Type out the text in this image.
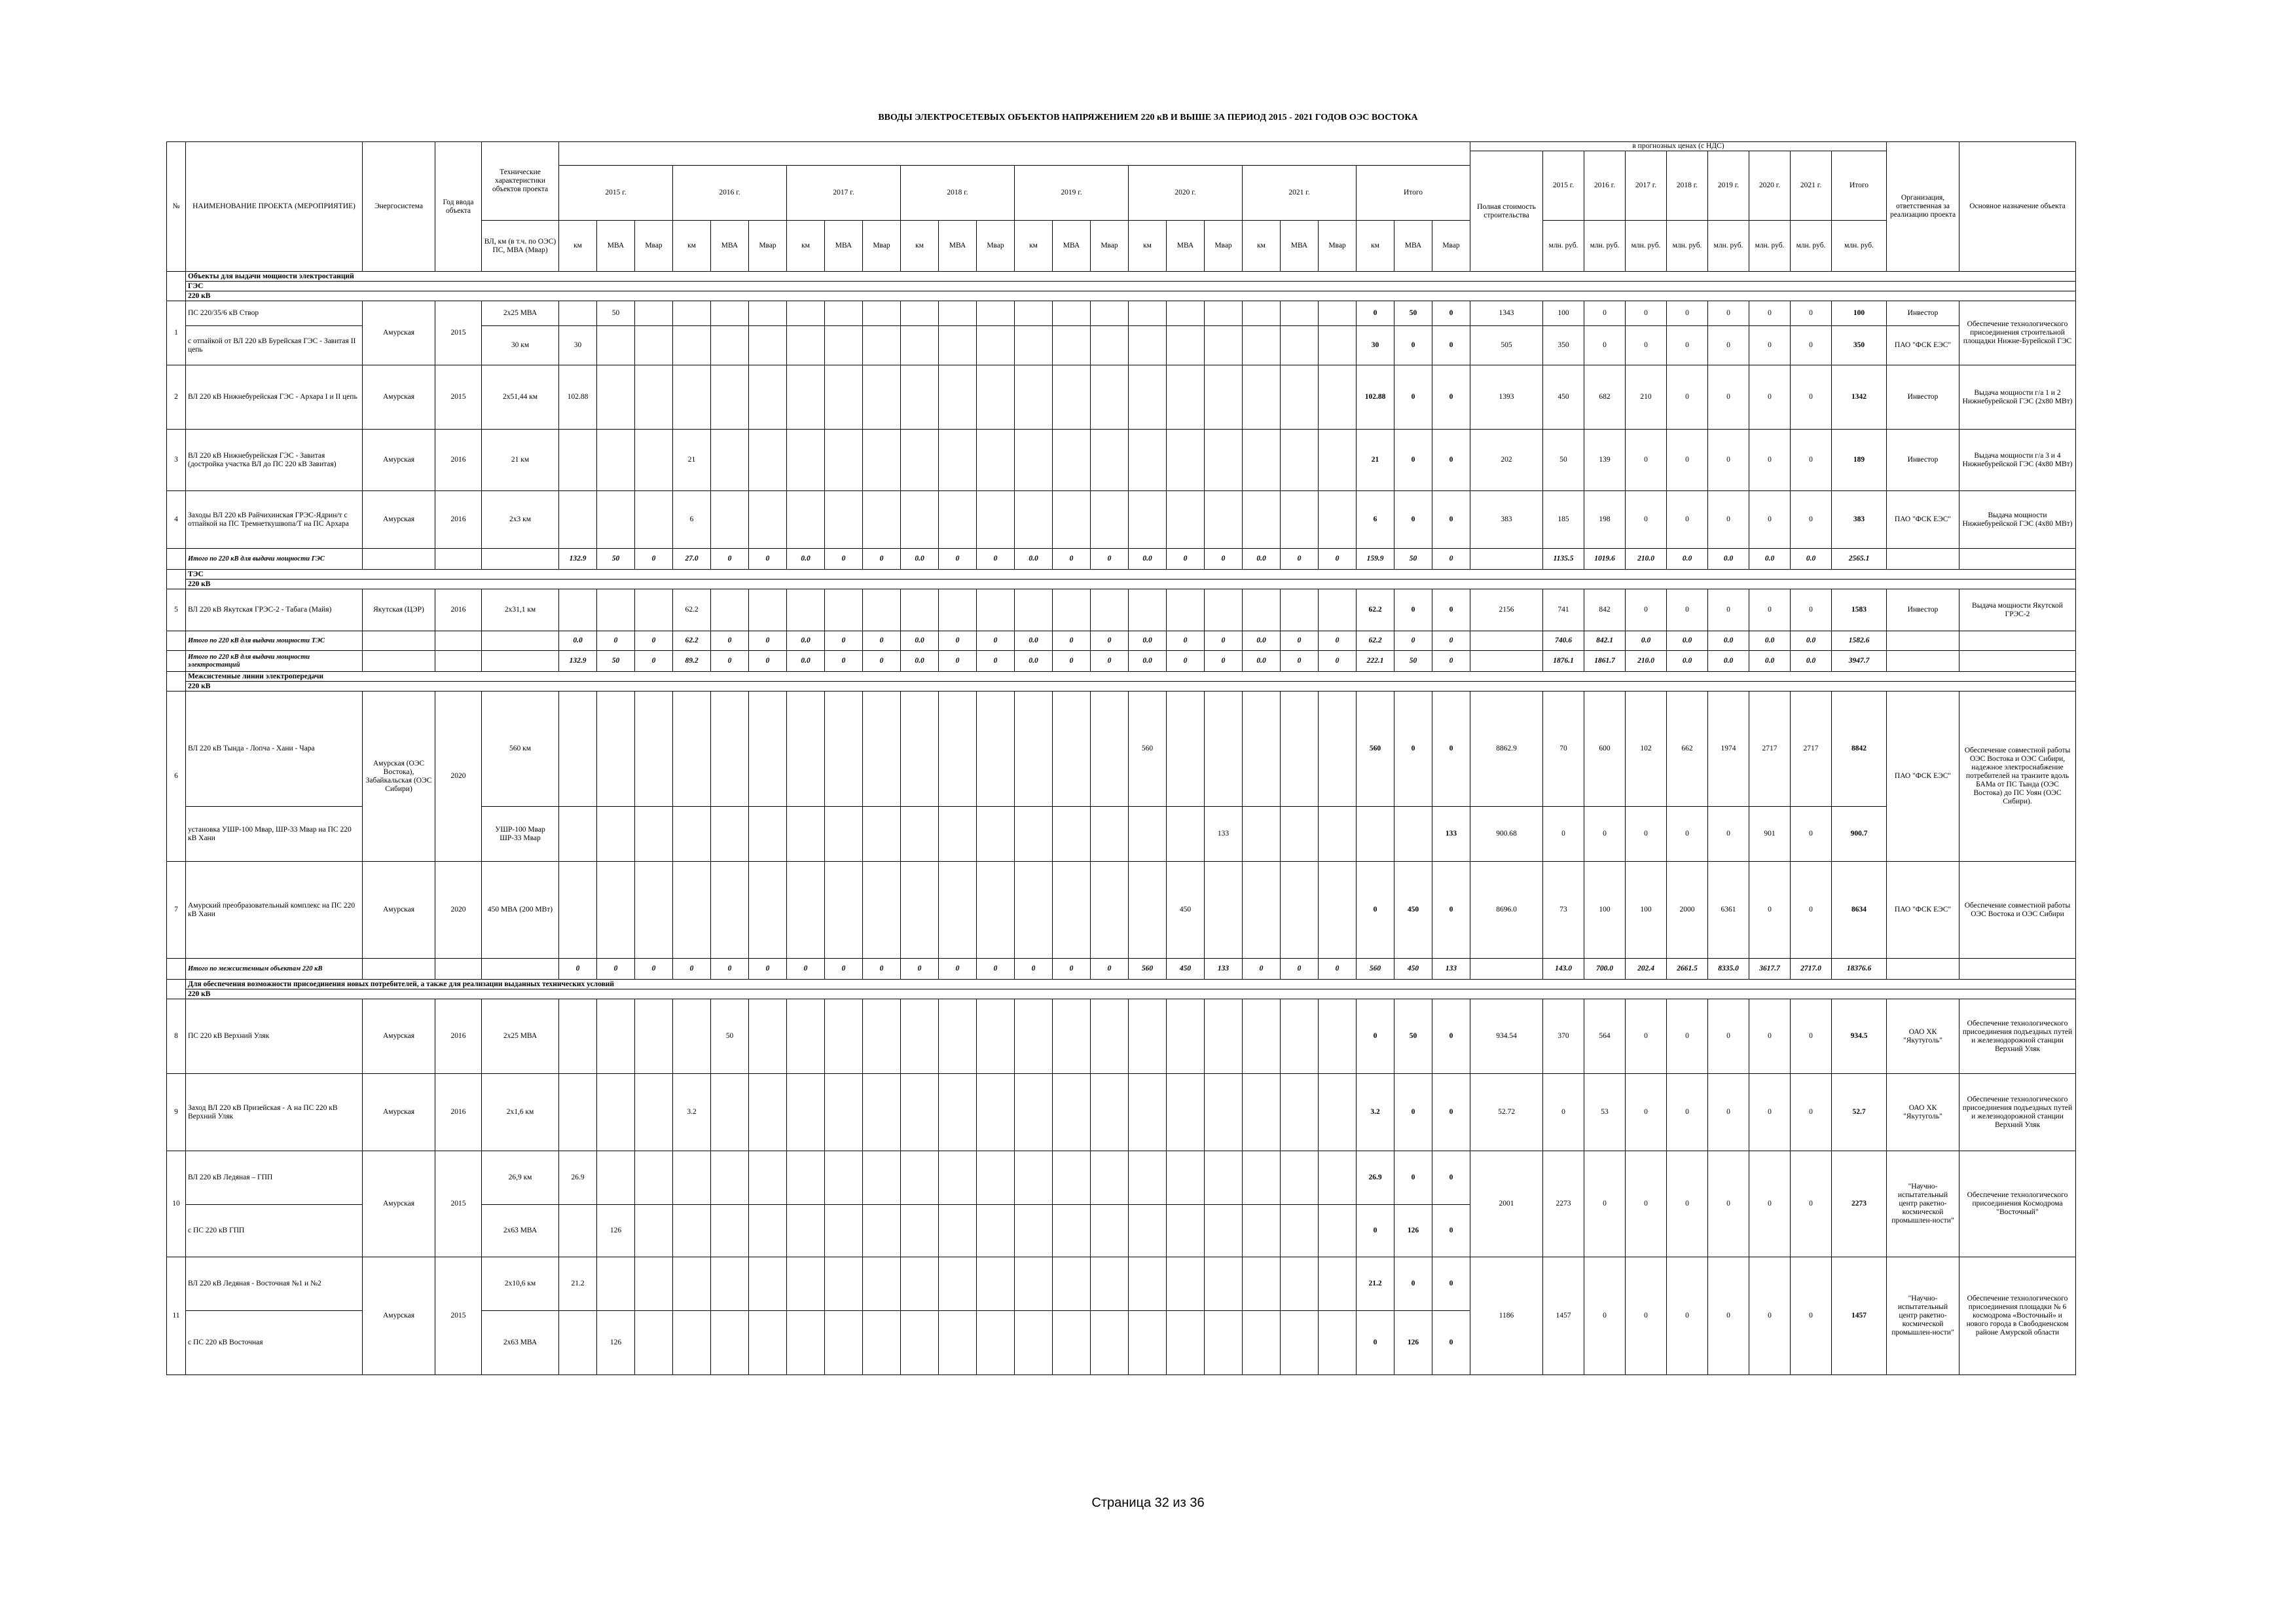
ВВОДЫ ЭЛЕКТРОСЕТЕВЫХ ОБЪЕКТОВ НАПРЯЖЕНИЕМ 220 кВ И ВЫШЕ ЗА ПЕРИОД 2015 - 2021 ГОДОВ ОЭС ВОСТОКА
№	НАИМЕНОВАНИЕ ПРОЕКТА (МЕРОПРИЯТИЕ)	Энергосистема	Год ввода объекта	Технические характеристики объектов проекта																									в прогнозных ценах (с НДС)									Организация, ответственная за реализацию проекта	Основное назначение объекта
																													Полная стоимость строительства	2015 г.	2016 г.	2017 г.	2018 г.	2019 г.	2020 г.	2021 г.	Итого		
					2015 г.			2016 г.			2017 г.			2018 г.			2019 г.			2020 г.			2021 г.			Итого													
				ВЛ, км (в т.ч. по ОЭС) ПС, МВА (Мвар)	км	МВА	Мвар	км	МВА	Мвар	км	МВА	Мвар	км	МВА	Мвар	км	МВА	Мвар	км	МВА	Мвар	км	МВА	Мвар	км	МВА	Мвар		млн. руб.	млн. руб.	млн. руб.	млн. руб.	млн. руб.	млн. руб.	млн. руб.	млн. руб.		
	Объекты для выдачи мощности электростанций																																						
	ГЭС																																						
	220 кВ																																						
1	ПС 220/35/6 кВ Створ	Амурская	2015	2х25 МВА		50																				0	50	0	1343	100	0	0	0	0	0	0	100	Инвестор	Обеспечение технологического присоединения строительной площадки Нижне-Бурейской ГЭС
	с отпайкой от ВЛ 220 кВ Бурейская ГЭС - Завитая II цепь			30 км	30																					30	0	0	505	350	0	0	0	0	0	0	350	ПАО "ФСК ЕЭС"	
2	ВЛ 220 кВ Нижнебурейская ГЭС - Архара I и II цепь	Амурская	2015	2х51,44 км	102.88																					102.88	0	0	1393	450	682	210	0	0	0	0	1342	Инвестор	Выдача мощности г/а 1 и 2 Нижнебурейской ГЭС (2х80 МВт)
3	ВЛ 220 кВ Нижнебурейская ГЭС - Завитая (достройка участка ВЛ до ПС 220 кВ Завитая)	Амурская	2016	21 км				21																		21	0	0	202	50	139	0	0	0	0	0	189	Инвестор	Выдача мощности г/а 3 и 4 Нижнебурейской ГЭС (4х80 МВт)
4	Заходы ВЛ 220 кВ Райчихинская ГРЭС-Ядрин/т с отпайкой на ПС Тремнеткушвопа/Т на ПС Архара	Амурская	2016	2х3 км				6																		6	0	0	383	185	198	0	0	0	0	0	383	ПАО "ФСК ЕЭС"	Выдача мощности Нижнебурейской ГЭС (4х80 МВт)
	Итого по 220 кВ для выдачи мощности ГЭС				132.9	50	0	27.0	0	0	0.0	0	0	0.0	0	0	0.0	0	0	0.0	0	0	0.0	0	0	159.9	50	0		1135.5	1019.6	210.0	0.0	0.0	0.0	0.0	2565.1		
	ТЭС																																						
	220 кВ																																						
5	ВЛ 220 кВ Якутская ГРЭС-2 - Табага (Майя)	Якутская (ЦЭР)	2016	2х31,1 км				62.2																		62.2	0	0	2156	741	842	0	0	0	0	0	1583	Инвестор	Выдача мощности Якутской ГРЭС-2
	Итого по 220 кВ для выдачи мощности ТЭС				0.0	0	0	62.2	0	0	0.0	0	0	0.0	0	0	0.0	0	0	0.0	0	0	0.0	0	0	62.2	0	0		740.6	842.1	0.0	0.0	0.0	0.0	0.0	1582.6		
	Итого по 220 кВ для выдачи мощности электростанций				132.9	50	0	89.2	0	0	0.0	0	0	0.0	0	0	0.0	0	0	0.0	0	0	0.0	0	0	222.1	50	0		1876.1	1861.7	210.0	0.0	0.0	0.0	0.0	3947.7		
	Межсистемные линии электропередачи																																						
	220 кВ																																						
6	ВЛ 220 кВ Тында - Лопча - Хани - Чара	Амурская (ОЭС Востока), Забайкальская (ОЭС Сибири)	2020	560 км																560						560	0	0	8862.9	70	600	102	662	1974	2717	2717	8842	ПАО "ФСК ЕЭС"	Обеспечение совместной работы ОЭС Востока и ОЭС Сибири, надежное электроснабжение потребителей на транзите вдоль БАМа от ПС Тында (ОЭС Востока) до ПС Уоян (ОЭС Сибири).
	установка УШР-100 Мвар, ШР-33 Мвар на ПС 220 кВ Хани			УШР-100 Мвар ШР-33 Мвар																		133						133	900.68	0	0	0	0	0	901	0	900.7		
7	Амурский преобразовательный комплекс на ПС 220 кВ Хани	Амурская	2020	450 МВА (200 МВт)																	450					0	450	0	8696.0	73	100	100	2000	6361	0	0	8634	ПАО "ФСК ЕЭС"	Обеспечение совместной работы ОЭС Востока и ОЭС Сибири
	Итого по межсистемным объектам 220 кВ				0	0	0	0	0	0	0	0	0	0	0	0	0	0	0	560	450	133	0	0	0	560	450	133		143.0	700.0	202.4	2661.5	8335.0	3617.7	2717.0	18376.6		
	Для обеспечения возможности присоединения новых потребителей, а также для реализации выданных технических условий																																						
	220 кВ																																						
8	ПС 220 кВ Верхний Уляк	Амурская	2016	2х25 МВА					50																	0	50	0	934.54	370	564	0	0	0	0	0	934.5	ОАО ХК "Якутуголь"	Обеспечение технологического присоединения подъездных путей и железнодорожной станции Верхний Уляк
9	Заход ВЛ 220 кВ Призейская - А на ПС 220 кВ Верхний Уляк	Амурская	2016	2х1,6 км				3.2																		3.2	0	0	52.72	0	53	0	0	0	0	0	52.7	ОАО ХК "Якутуголь"	Обеспечение технологического присоединения подъездных путей и железнодорожной станции Верхний Уляк
10	ВЛ 220 кВ Ледяная – ГПП	Амурская	2015	26,9 км	26.9																					26.9	0	0	2001	2273	0	0	0	0	0	0	2273	"Научно-испытательный центр ракетно-космической промышлен-ности"	Обеспечение технологического присоединения Космодрома "Восточный"
	с ПС 220 кВ ГПП			2х63 МВА		126																				0	126	0											
11	ВЛ 220 кВ Ледяная - Восточная №1 и №2	Амурская	2015	2х10,6 км	21.2																					21.2	0	0	1186	1457	0	0	0	0	0	0	1457	"Научно-испытательный центр ракетно-космической промышлен-ности"	Обеспечение технологического присоединения площадки № 6 космодрома «Восточный» и нового города в Свободненском районе Амурской области
	с ПС 220 кВ Восточная			2х63 МВА		126																				0	126	0											
Страница 32 из 36
